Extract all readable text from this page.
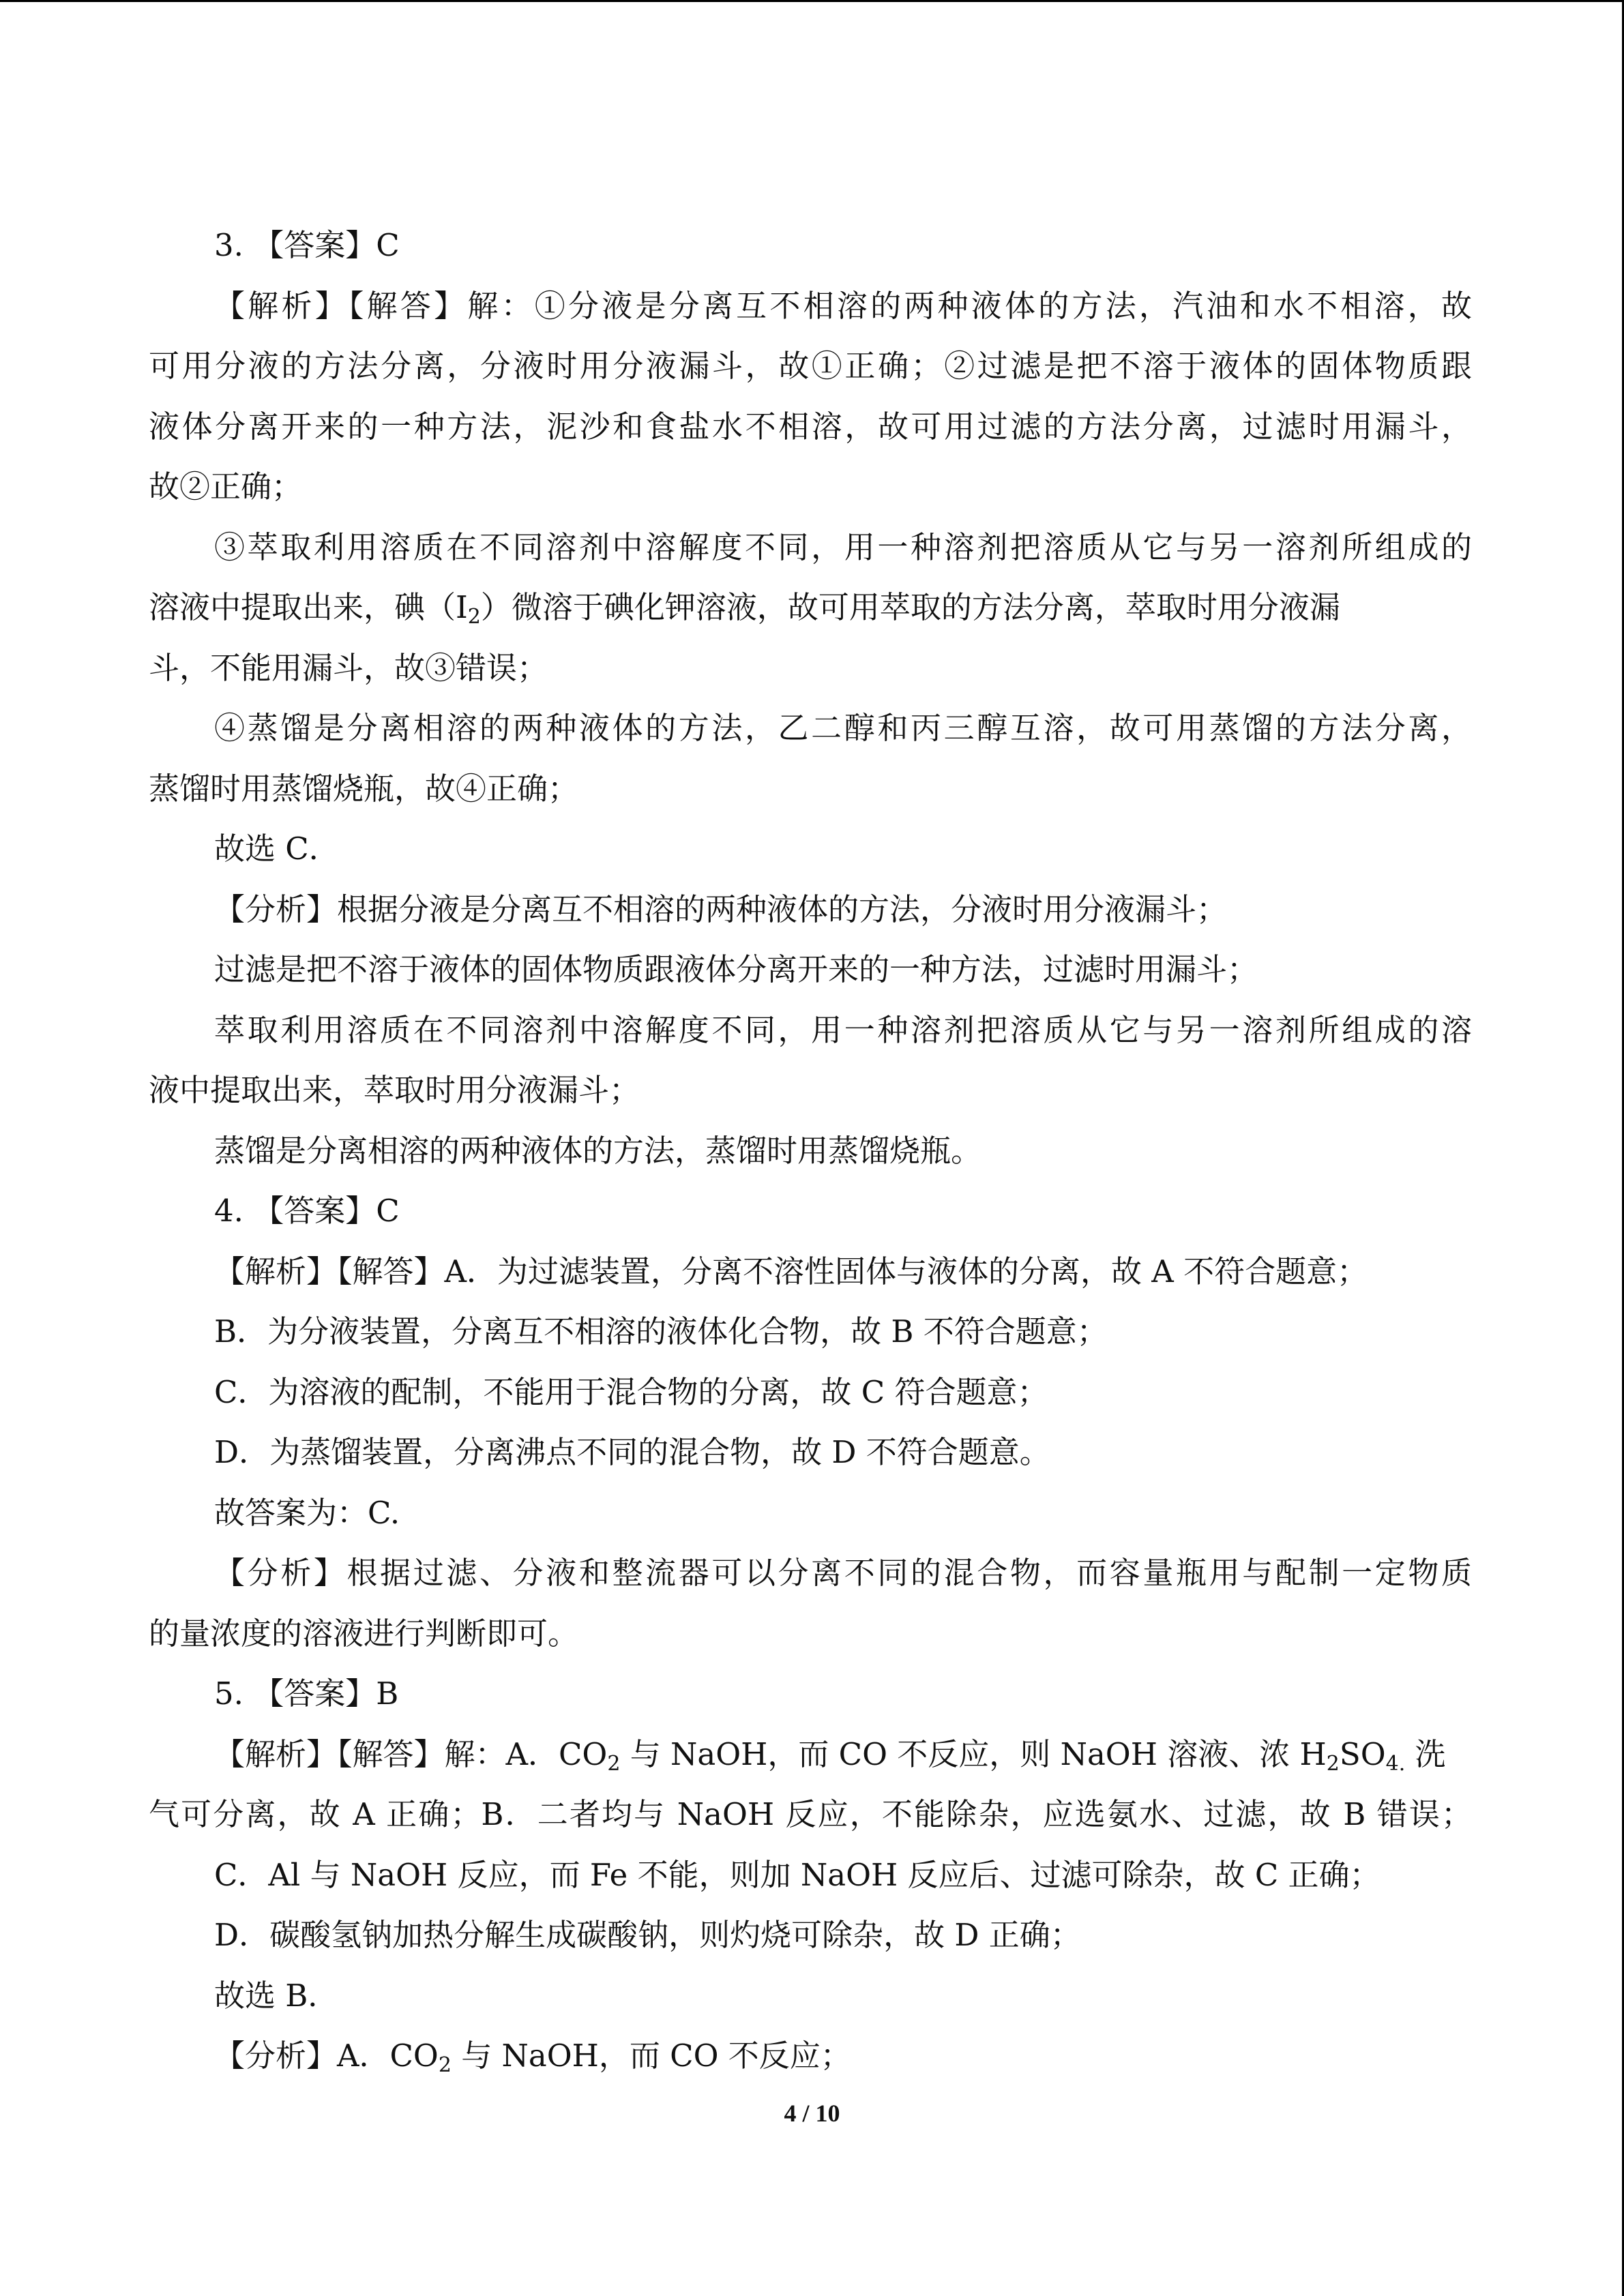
3. 【答案】C
【解析】【解答】解：①分液是分离互不相溶的两种液体的方法，汽油和水不相溶，故
可用分液的方法分离，分液时用分液漏斗，故①正确；②过滤是把不溶于液体的固体物质跟
液体分离开来的一种方法，泥沙和食盐水不相溶，故可用过滤的方法分离，过滤时用漏斗，
故②正确；
③萃取利用溶质在不同溶剂中溶解度不同，用一种溶剂把溶质从它与另一溶剂所组成的
溶液中提取出来，碘$(I_2)$微溶于碘化钾溶液，故可用萃取的方法分离，萃取时用分液漏
斗，不能用漏斗，故③错误；
④蒸馏是分离相溶的两种液体的方法，乙二醇和丙三醇互溶，故可用蒸馏的方法分离，
蒸馏时用蒸馏烧瓶，故④正确；
故选 C．
【分析】根据分液是分离互不相溶的两种液体的方法，分液时用分液漏斗；
过滤是把不溶于液体的固体物质跟液体分离开来的一种方法，过滤时用漏斗；
萃取利用溶质在不同溶剂中溶解度不同，用一种溶剂把溶质从它与另一溶剂所组成的溶
液中提取出来，萃取时用分液漏斗；
蒸馏是分离相溶的两种液体的方法，蒸馏时用蒸馏烧瓶。
4. 【答案】C
【解析】【解答】A．为过滤装置，分离不溶性固体与液体的分离，故 A 不符合题意；
B．为分液装置，分离互不相溶的液体化合物，故 B 不符合题意；
C．为溶液的配制，不能用于混合物的分离，故 C 符合题意；
D．为蒸馏装置，分离沸点不同的混合物，故 D 不符合题意。
故答案为：C.
【分析】根据过滤、分液和整流器可以分离不同的混合物，而容量瓶用与配制一定物质
的量浓度的溶液进行判断即可。
5. 【答案】B
【解析】【解答】解：A．$CO_2$ 与 NaOH，而 CO 不反应，则 NaOH 溶液、浓 $H_2SO_{4.}$ 洗
气可分离，故 A 正确；B．二者均与 NaOH 反应，不能除杂，应选氨水、过滤，故 B 错误；
C．Al 与 NaOH 反应，而 Fe 不能，则加 NaOH 反应后、过滤可除杂，故 C 正确；
D．碳酸氢钠加热分解生成碳酸钠，则灼烧可除杂，故 D 正确；
故选 B．
【分析】A．$CO_2$ 与 NaOH，而 CO 不反应；
4 / 10
